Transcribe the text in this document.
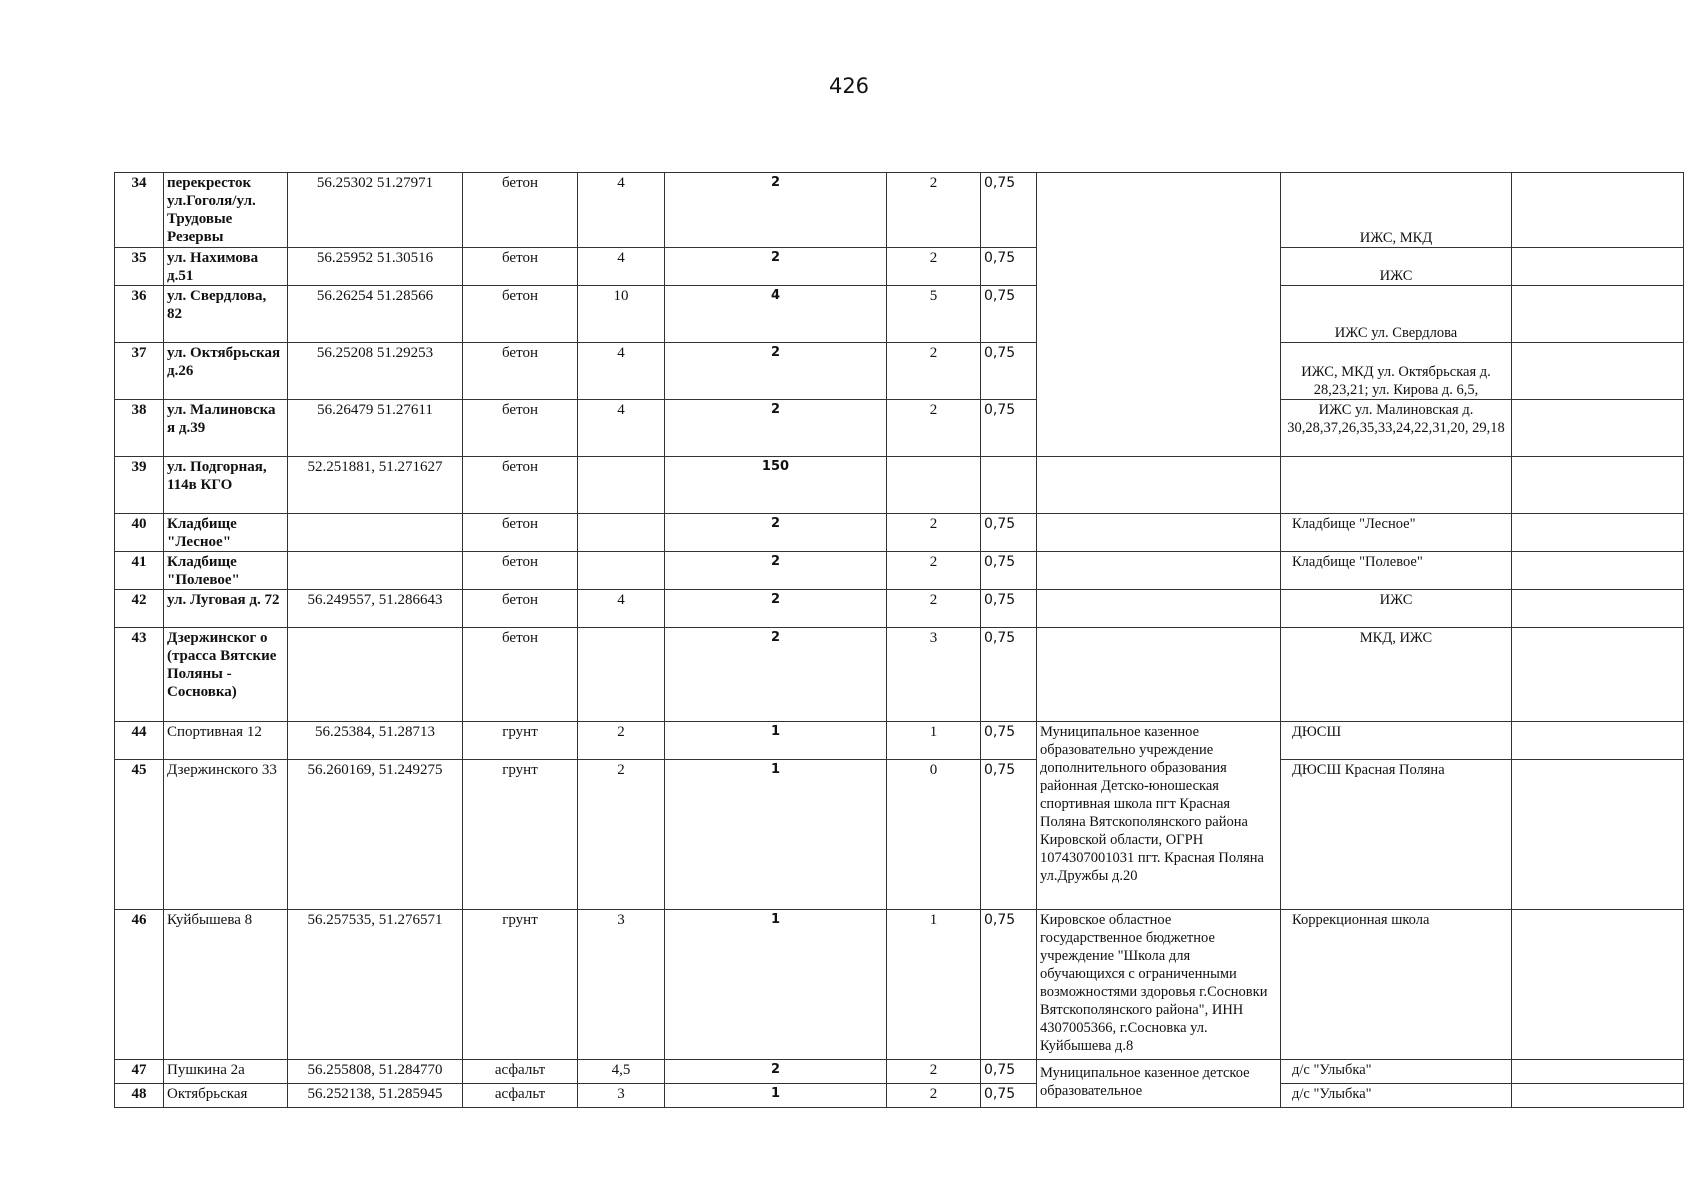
426
34	перекресток ул.Гоголя/ул. Трудовые Резервы	56.25302 51.27971	бетон	4	2	2	0,75		ИЖС, МКД	
35	ул. Нахимова д.51	56.25952 51.30516	бетон	4	2	2	0,75		ИЖС	
36	ул. Свердлова, 82	56.26254 51.28566	бетон	10	4	5	0,75		ИЖС ул. Свердлова	
37	ул. Октябрьская д.26	56.25208 51.29253	бетон	4	2	2	0,75		ИЖС, МКД ул. Октябрьская д. 28,23,21; ул. Кирова д. 6,5,	
38	ул. Малиновска я д.39	56.26479 51.27611	бетон	4	2	2	0,75		ИЖС ул. Малиновская д. 30,28,37,26,35,33,24,22,31,20, 29,18	
39	ул. Подгорная, 114в КГО	52.251881, 51.271627	бетон		150					
40	Кладбище "Лесное"		бетон		2	2	0,75		Кладбище "Лесное"	
41	Кладбище "Полевое"		бетон		2	2	0,75		Кладбище "Полевое"	
42	ул. Луговая д. 72	56.249557, 51.286643	бетон	4	2	2	0,75		ИЖС	
43	Дзержинског о (трасса Вятские Поляны - Сосновка)		бетон		2	3	0,75		МКД, ИЖС	
44	Спортивная 12	56.25384, 51.28713	грунт	2	1	1	0,75	Муниципальное казенное образовательно учреждение дополнительного образования районная Детско-юношеская спортивная школа пгт Красная Поляна Вятскополянского района Кировской области, ОГРН 1074307001031 пгт. Красная Поляна ул.Дружбы д.20	ДЮСШ	
45	Дзержинского 33	56.260169, 51.249275	грунт	2	1	0	0,75		ДЮСШ Красная Поляна	
46	Куйбышева 8	56.257535, 51.276571	грунт	3	1	1	0,75	Кировское областное государственное бюджетное учреждение "Школа для обучающихся с ограниченными возможностями здоровья г.Сосновки Вятскополянского района", ИНН 4307005366, г.Сосновка ул. Куйбышева д.8	Коррекционная школа	
47	Пушкина 2а	56.255808, 51.284770	асфальт	4,5	2	2	0,75	Муниципальное казенное детское образовательное	д/с "Улыбка"	
48	Октябрьская	56.252138, 51.285945	асфальт	3	1	2	0,75		д/с "Улыбка"	
